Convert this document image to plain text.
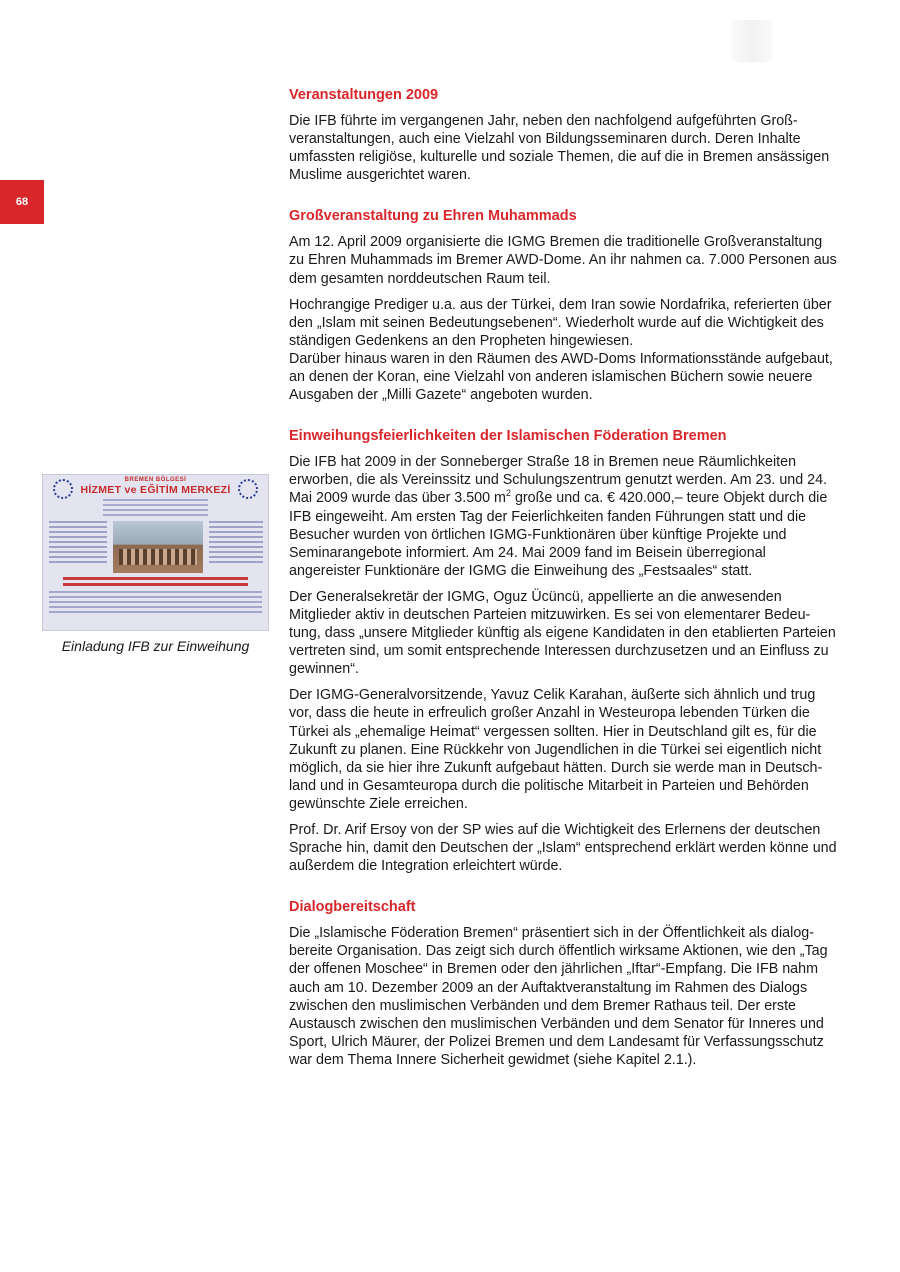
68
BREMEN BÖLGESİ
HİZMET ve EĞİTİM MERKEZİ
Einladung IFB zur Einweihung
Veranstaltungen 2009

Die IFB führte im vergangenen Jahr, neben den nachfolgend aufgeführten Großveranstaltungen, auch eine Vielzahl von Bildungsseminaren durch. Deren Inhalte umfassten religiöse, kulturelle und soziale Themen, die auf die in Bremen ansässigen Muslime ausgerichtet waren.

Großveranstaltung zu Ehren Muhammads

Am 12. April 2009 organisierte die IGMG Bremen die traditionelle Großveranstaltung zu Ehren Muhammads im Bremer AWD-Dome. An ihr nahmen ca. 7.000 Personen aus dem gesamten norddeutschen Raum teil.

Hochrangige Prediger u.a. aus der Türkei, dem Iran sowie Nordafrika, referierten über den „Islam mit seinen Bedeutungsebenen“. Wiederholt wurde auf die Wichtigkeit des ständigen Gedenkens an den Propheten hingewiesen.

Darüber hinaus waren in den Räumen des AWD-Doms Informationsstände aufgebaut, an denen der Koran, eine Vielzahl von anderen islamischen Büchern sowie neuere Ausgaben der „Milli Gazete“ angeboten wurden.

Einweihungsfeierlichkeiten der Islamischen Föderation Bremen

Die IFB hat 2009 in der Sonneberger Straße 18 in Bremen neue Räumlichkeiten erworben, die als Vereinssitz und Schulungszentrum genutzt werden. Am 23. und 24. Mai 2009 wurde das über 3.500 $m^2$ große und ca. € 420.000,– teure Objekt durch die IFB eingeweiht. Am ersten Tag der Feierlichkeiten fanden Führungen statt und die Besucher wurden von örtlichen IGMG-Funktionären über künftige Projekte und Seminarangebote informiert. Am 24. Mai 2009 fand im Beisein überregional angereister Funktionäre der IGMG die Einweihung des „Festsaales“ statt.

Der Generalsekretär der IGMG, Oguz Ücüncü, appellierte an die anwesenden Mitglieder aktiv in deutschen Parteien mitzuwirken. Es sei von elementarer Bedeutung, dass „unsere Mitglieder künftig als eigene Kandidaten in den etablierten Parteien vertreten sind, um somit entsprechende Interessen durchzusetzen und an Einfluss zu gewinnen“.

Der IGMG-Generalvorsitzende, Yavuz Celik Karahan, äußerte sich ähnlich und trug vor, dass die heute in erfreulich großer Anzahl in Westeuropa lebenden Türken die Türkei als „ehemalige Heimat“ vergessen sollten. Hier in Deutschland gilt es, für die Zukunft zu planen. Eine Rückkehr von Jugendlichen in die Türkei sei eigentlich nicht möglich, da sie hier ihre Zukunft aufgebaut hätten. Durch sie werde man in Deutschland und in Gesamteuropa durch die politische Mitarbeit in Parteien und Behörden gewünschte Ziele erreichen.

Prof. Dr. Arif Ersoy von der SP wies auf die Wichtigkeit des Erlernens der deutschen Sprache hin, damit den Deutschen der „Islam“ entsprechend erklärt werden könne und außerdem die Integration erleichtert würde.

Dialogbereitschaft

Die „Islamische Föderation Bremen“ präsentiert sich in der Öffentlichkeit als dialogbereite Organisation. Das zeigt sich durch öffentlich wirksame Aktionen, wie den „Tag der offenen Moschee“ in Bremen oder den jährlichen „Iftar“-Empfang. Die IFB nahm auch am 10. Dezember 2009 an der Auftaktveranstaltung im Rahmen des Dialogs zwischen den muslimischen Verbänden und dem Bremer Rathaus teil. Der erste Austausch zwischen den muslimischen Verbänden und dem Senator für Inneres und Sport, Ulrich Mäurer, der Polizei Bremen und dem Landesamt für Verfassungsschutz war dem Thema Innere Sicherheit gewidmet (siehe Kapitel 2.1.).
